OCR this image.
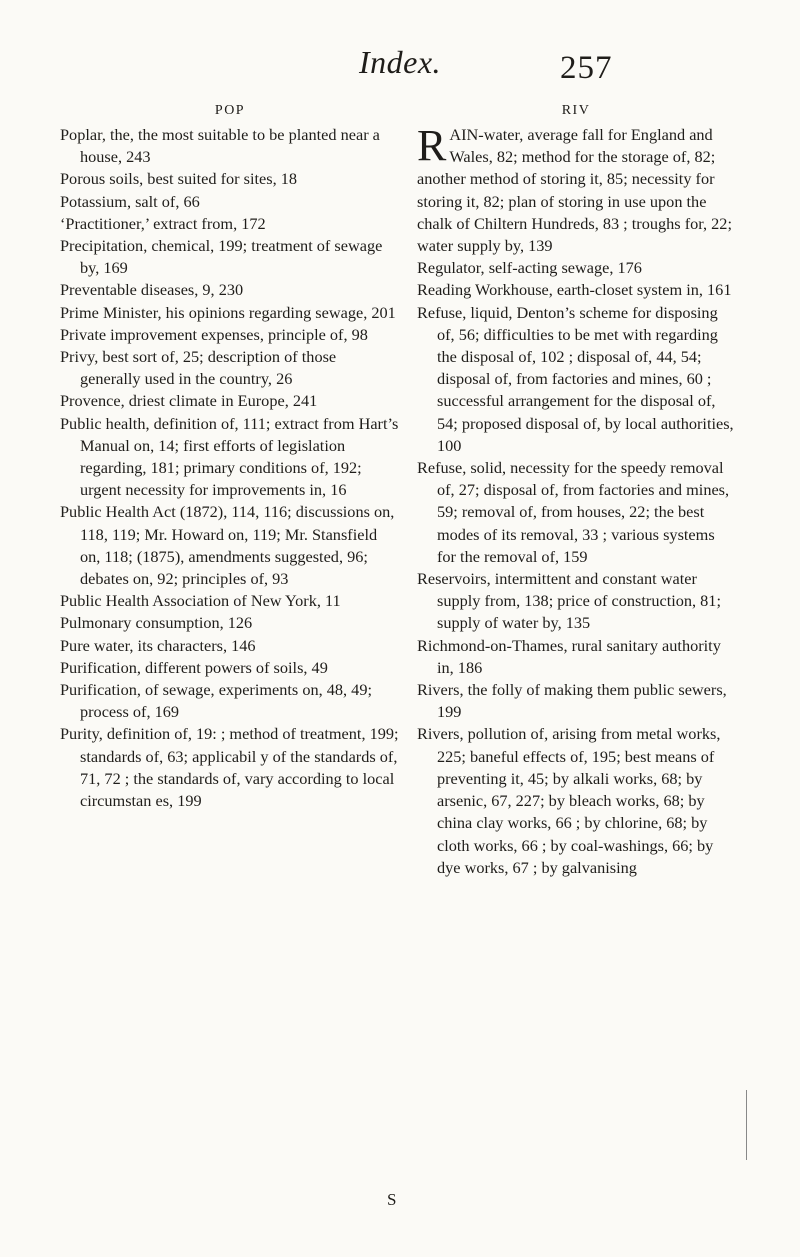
Index.	257
POP

Poplar, the, the most suitable to be planted near a house, 243

Porous soils, best suited for sites, 18

Potassium, salt of, 66

‘Practitioner,’ extract from, 172

Precipitation, chemical, 199; treatment of sewage by, 169

Preventable diseases, 9, 230

Prime Minister, his opinions regarding sewage, 201

Private improvement expenses, principle of, 98

Privy, best sort of, 25; description of those generally used in the country, 26

Provence, driest climate in Europe, 241

Public health, definition of, 111; extract from Hart’s Manual on, 14; first efforts of legislation regarding, 181; primary conditions of, 192; urgent necessity for improvements in, 16

Public Health Act (1872), 114, 116; discussions on, 118, 119; Mr. Howard on, 119; Mr. Stansfield on, 118; (1875), amendments suggested, 96; debates on, 92; principles of, 93

Public Health Association of New York, 11

Pulmonary consumption, 126

Pure water, its characters, 146

Purification, different powers of soils, 49

Purification, of sewage, experiments on, 48, 49; process of, 169

Purity, definition of, 19: ; method of treatment, 199; standards of, 63; applicabil y of the standards of, 71, 72 ; the standards of, vary according to local circumstan es, 199

RIV

RAIN-water, average fall for England and Wales, 82; method for the storage of, 82; another method of storing it, 85; necessity for storing it, 82; plan of storing in use upon the chalk of Chiltern Hundreds, 83 ; troughs for, 22; water supply by, 139

Regulator, self-acting sewage, 176

Reading Workhouse, earth-closet system in, 161

Refuse, liquid, Denton’s scheme for disposing of, 56; difficulties to be met with regarding the disposal of, 102 ; disposal of, 44, 54; disposal of, from factories and mines, 60 ; successful arrangement for the disposal of, 54; proposed disposal of, by local authorities, 100

Refuse, solid, necessity for the speedy removal of, 27; disposal of, from factories and mines, 59; removal of, from houses, 22; the best modes of its removal, 33 ; various systems for the removal of, 159

Reservoirs, intermittent and constant water supply from, 138; price of construction, 81; supply of water by, 135

Richmond-on-Thames, rural sanitary authority in, 186

Rivers, the folly of making them public sewers, 199

Rivers, pollution of, arising from metal works, 225; baneful effects of, 195; best means of preventing it, 45; by alkali works, 68; by arsenic, 67, 227; by bleach works, 68; by china clay works, 66 ; by chlorine, 68; by cloth works, 66 ; by coal-washings, 66; by dye works, 67 ; by galvanising

S
